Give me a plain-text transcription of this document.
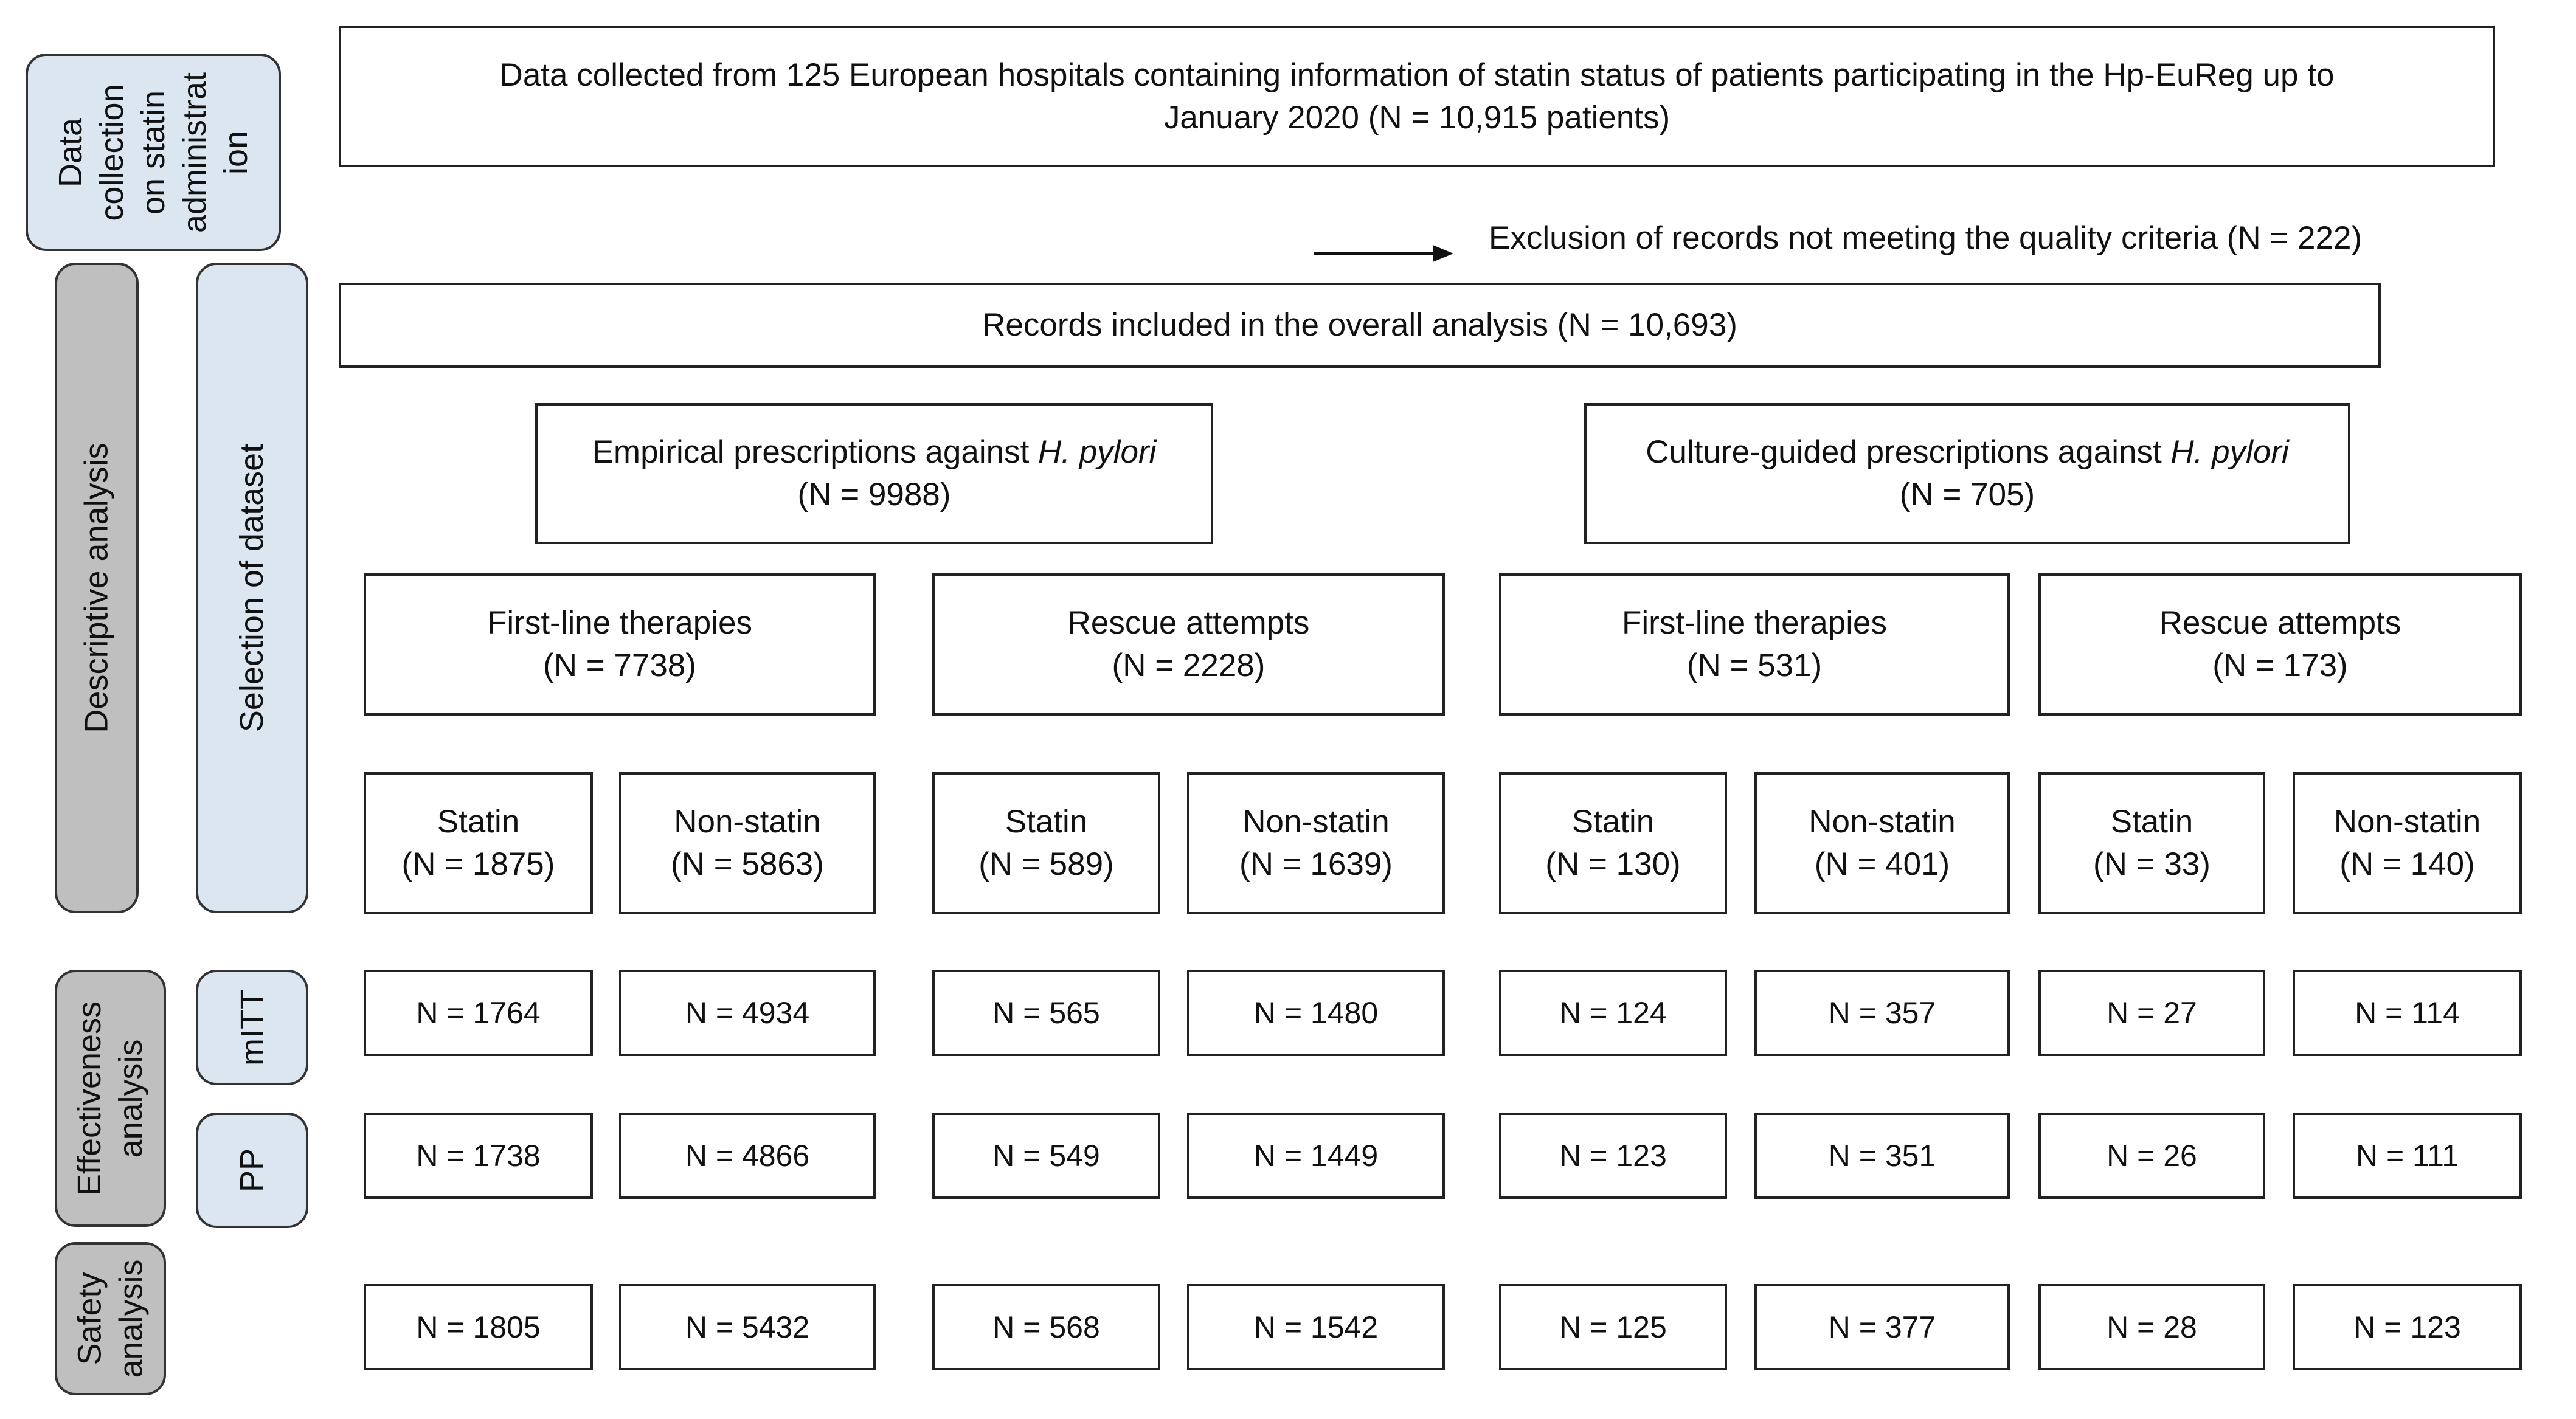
Data
collection
on statin
administrat
ion
Descriptive analysis	Selection of dataset
Effectiveness
analysis
mITT
PP
Safety
analysis
Data collected from 125 European hospitals containing information of statin status of patients participating in the Hp-EuReg up to
January 2020 (N = 10,915 patients)
Exclusion of records not meeting the quality criteria (N = 222)
Records included in the overall analysis (N = 10,693)
Empirical prescriptions against H. pylori
(N = 9988)
Culture-guided prescriptions against H. pylori
(N = 705)
First-line therapies
(N = 7738)
Rescue attempts
(N = 2228)
First-line therapies
(N = 531)
Rescue attempts
(N = 173)
Statin
(N = 1875)
Non-statin
(N = 5863)
Statin
(N = 589)
Non-statin
(N = 1639)
Statin
(N = 130)
Non-statin
(N = 401)
Statin
(N = 33)
Non-statin
(N = 140)
N = 1764	N = 4934	N = 565	N = 1480	N = 124	N = 357	N = 27	N = 114
N = 1738	N = 4866	N = 549	N = 1449	N = 123	N = 351	N = 26	N = 111
N = 1805	N = 5432	N = 568	N = 1542	N = 125	N = 377	N = 28	N = 123
